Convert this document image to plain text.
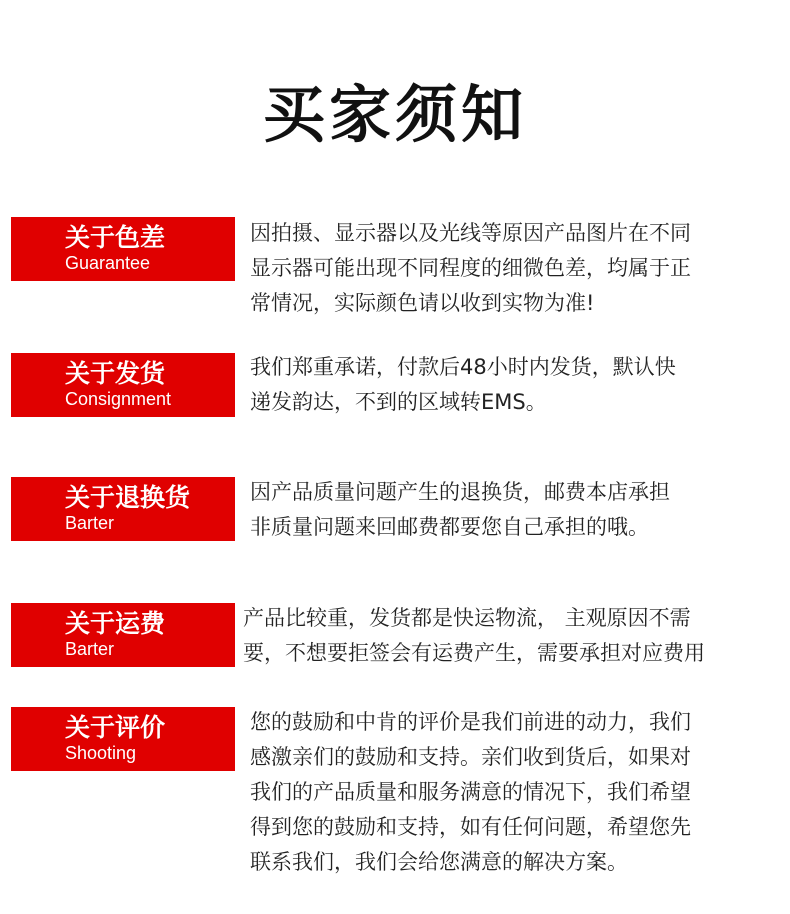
买家须知
关于色差
Guarantee
因拍摄、显示器以及光线等原因产品图片在不同
显示器可能出现不同程度的细微色差，均属于正
常情况，实际颜色请以收到实物为准!
关于发货
Consignment
我们郑重承诺，付款后48小时内发货，默认快
递发韵达，不到的区域转EMS。
关于退换货
Barter
因产品质量问题产生的退换货，邮费本店承担
非质量问题来回邮费都要您自己承担的哦。
关于运费
Barter
产品比较重，发货都是快运物流， 主观原因不需
要，不想要拒签会有运费产生，需要承担对应费用
关于评价
Shooting
您的鼓励和中肯的评价是我们前进的动力，我们
感激亲们的鼓励和支持。亲们收到货后，如果对
我们的产品质量和服务满意的情况下，我们希望
得到您的鼓励和支持，如有任何问题，希望您先
联系我们，我们会给您满意的解决方案。
